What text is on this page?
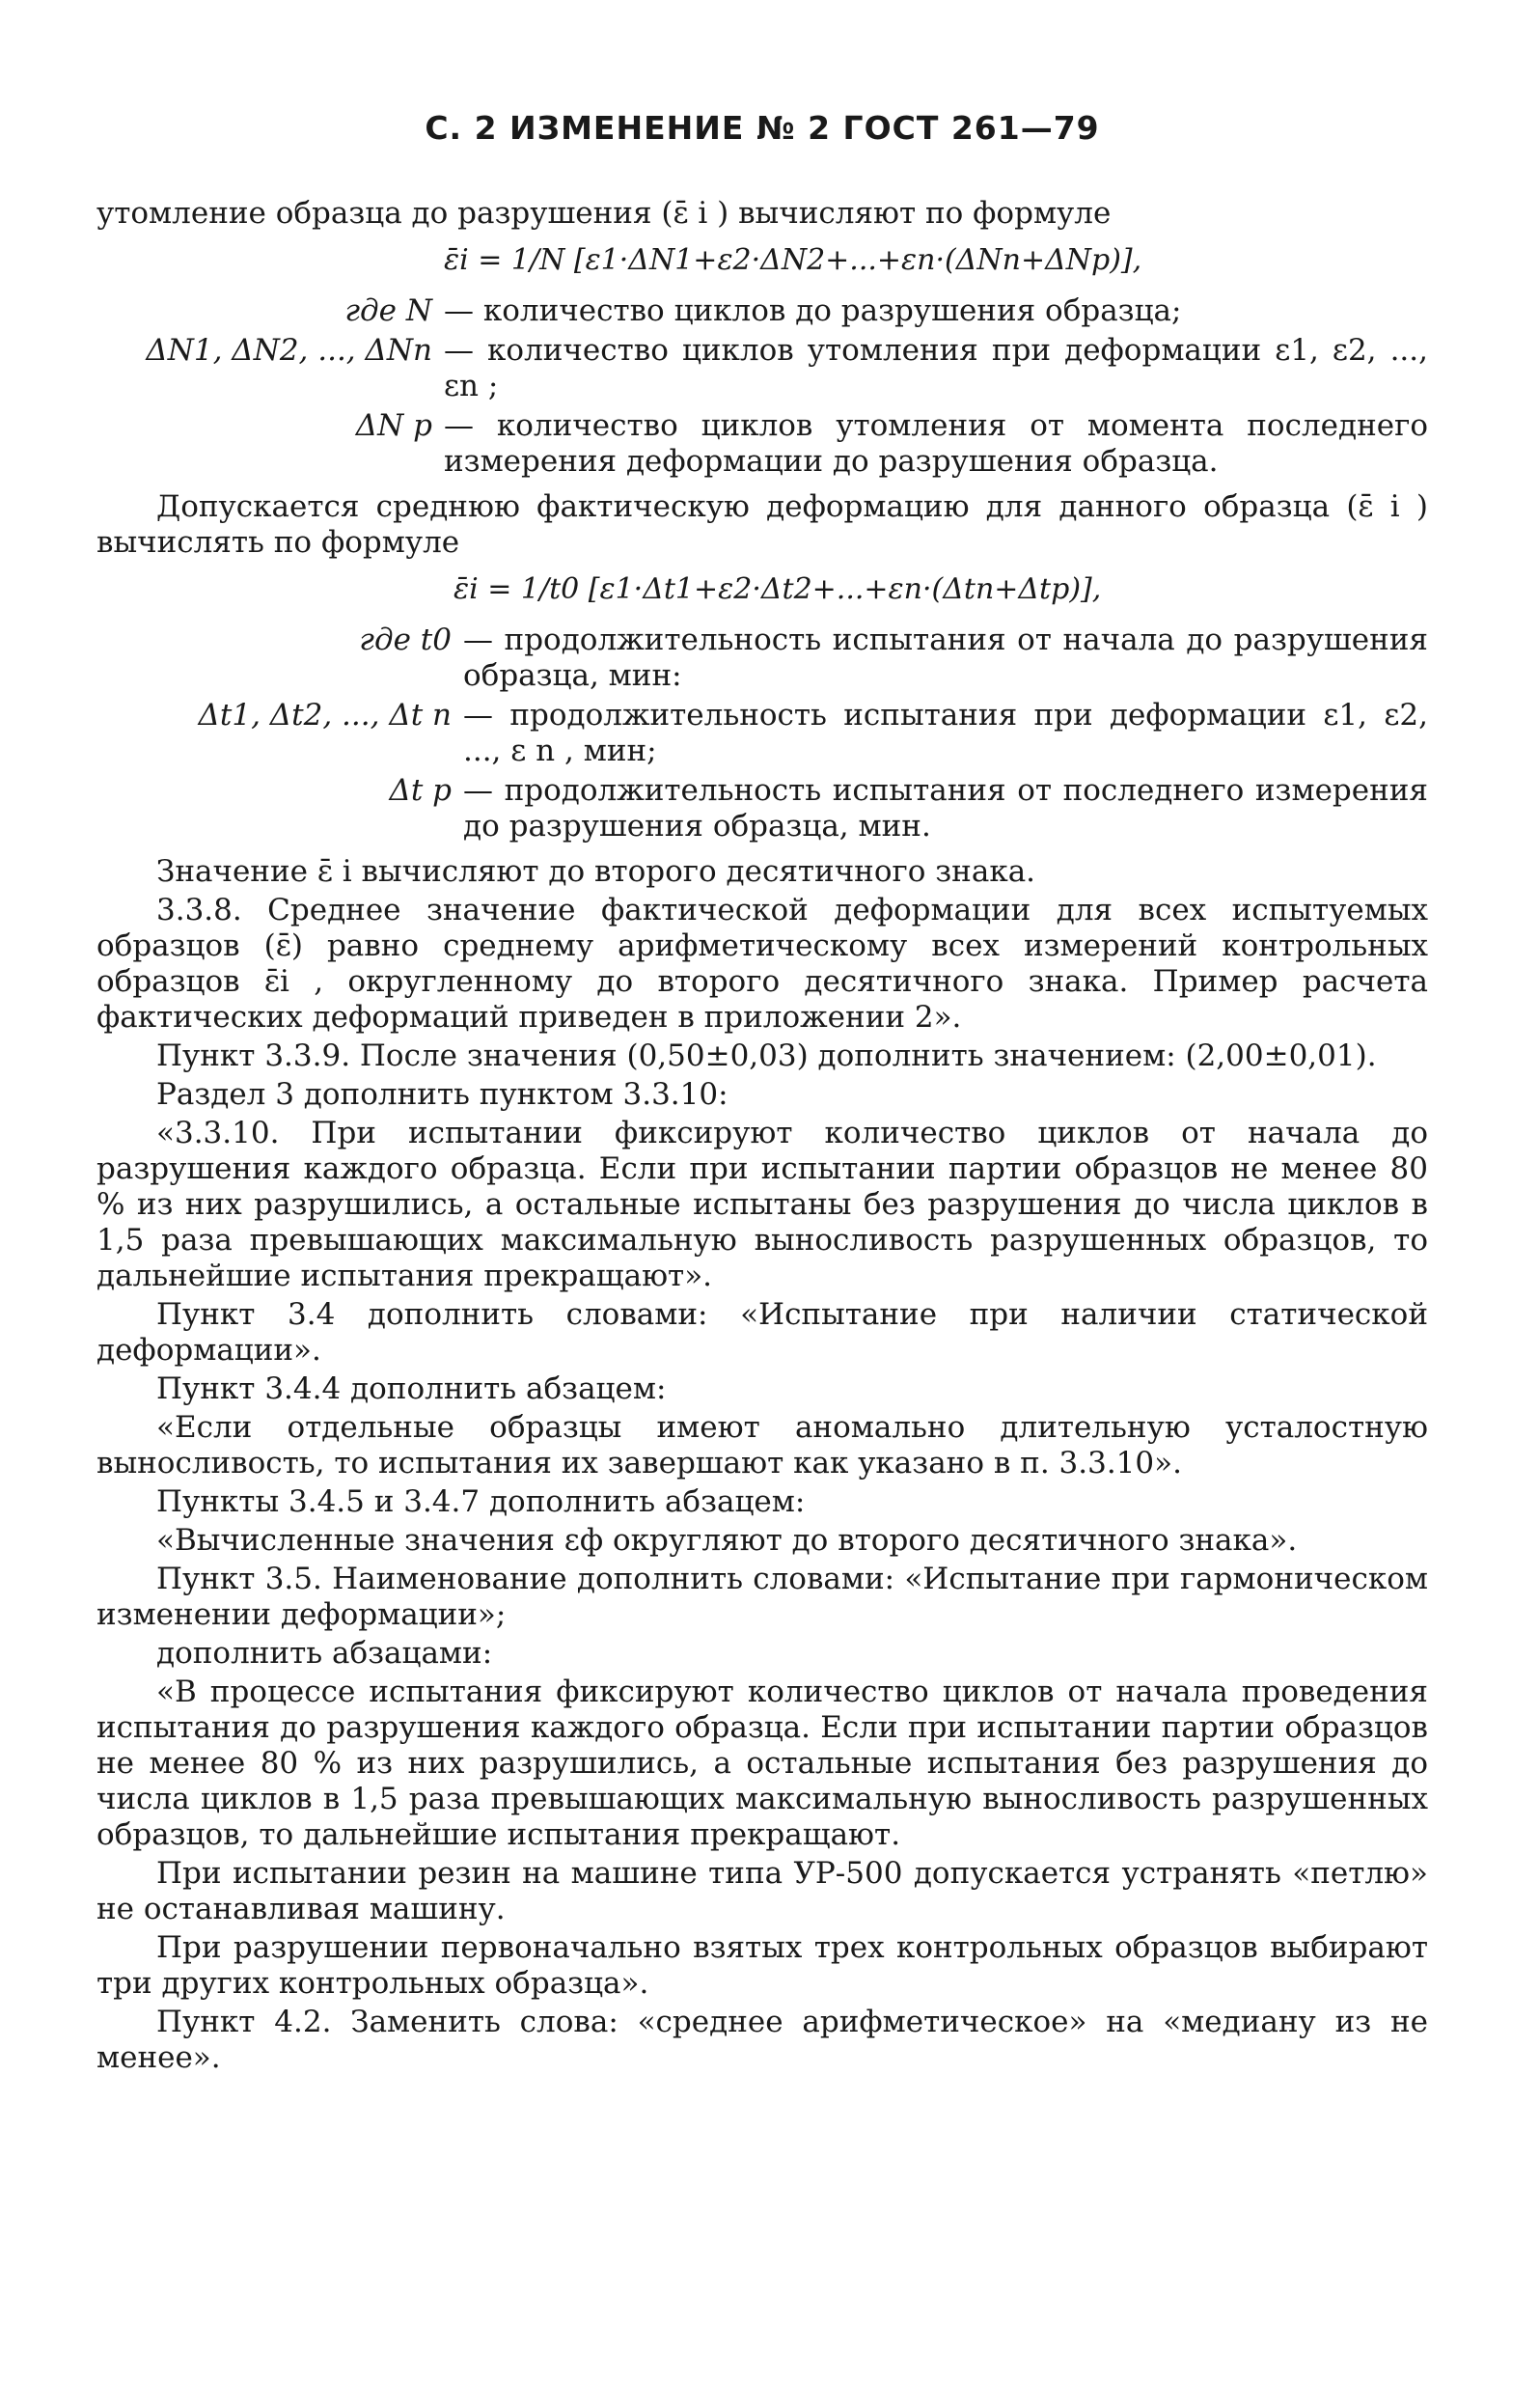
С. 2 ИЗМЕНЕНИЕ № 2 ГОСТ 261—79
утомление образца до разрушения (ε̄ i ) вычисляют по формуле
ε̄i = 1/N [ε1·ΔN1+ε2·ΔN2+...+εn·(ΔNn+ΔNp)],
где N — количество циклов до разрушения образца;
ΔN1, ΔN2, ..., ΔNn — количество циклов утомления при деформации ε1, ε2, ..., εn ;
ΔN p — количество циклов утомления от момента последнего измерения деформации до разрушения образца.
Допускается среднюю фактическую деформацию для данного образца (ε̄ i ) вычислять по формуле
ε̄i = 1/t0 [ε1·Δt1+ε2·Δt2+...+εn·(Δtn+Δtp)],
где t0 — продолжительность испытания от начала до разрушения образца, мин:
Δt1, Δt2, ..., Δt n — продолжительность испытания при деформации ε1, ε2, ..., ε n , мин;
Δt p — продолжительность испытания от последнего измерения до разрушения образца, мин.
Значение ε̄ i вычисляют до второго десятичного знака.
3.3.8. Среднее значение фактической деформации для всех испытуемых образцов (ε̄) равно среднему арифметическому всех измерений контрольных образцов ε̄i , округленному до второго десятичного знака. Пример расчета фактических деформаций приведен в приложении 2».
Пункт 3.3.9. После значения (0,50±0,03) дополнить значением: (2,00±0,01).
Раздел 3 дополнить пунктом 3.3.10:
«3.3.10. При испытании фиксируют количество циклов от начала до разрушения каждого образца. Если при испытании партии образцов не менее 80 % из них разрушились, а остальные испытаны без разрушения до числа циклов в 1,5 раза превышающих максимальную выносливость разрушенных образцов, то дальнейшие испытания прекращают».
Пункт 3.4 дополнить словами: «Испытание при наличии статической деформации».
Пункт 3.4.4 дополнить абзацем:
«Если отдельные образцы имеют аномально длительную усталостную выносливость, то испытания их завершают как указано в п. 3.3.10».
Пункты 3.4.5 и 3.4.7 дополнить абзацем:
«Вычисленные значения εф округляют до второго десятичного знака».
Пункт 3.5. Наименование дополнить словами: «Испытание при гармоническом изменении деформации»;
дополнить абзацами:
«В процессе испытания фиксируют количество циклов от начала проведения испытания до разрушения каждого образца. Если при испытании партии образцов не менее 80 % из них разрушились, а остальные испытания без разрушения до числа циклов в 1,5 раза превышающих максимальную выносливость разрушенных образцов, то дальнейшие испытания прекращают.
При испытании резин на машине типа УР-500 допускается устранять «петлю» не останавливая машину.
При разрушении первоначально взятых трех контрольных образцов выбирают три других контрольных образца».
Пункт 4.2. Заменить слова: «среднее арифметическое» на «медиану из не менее».
